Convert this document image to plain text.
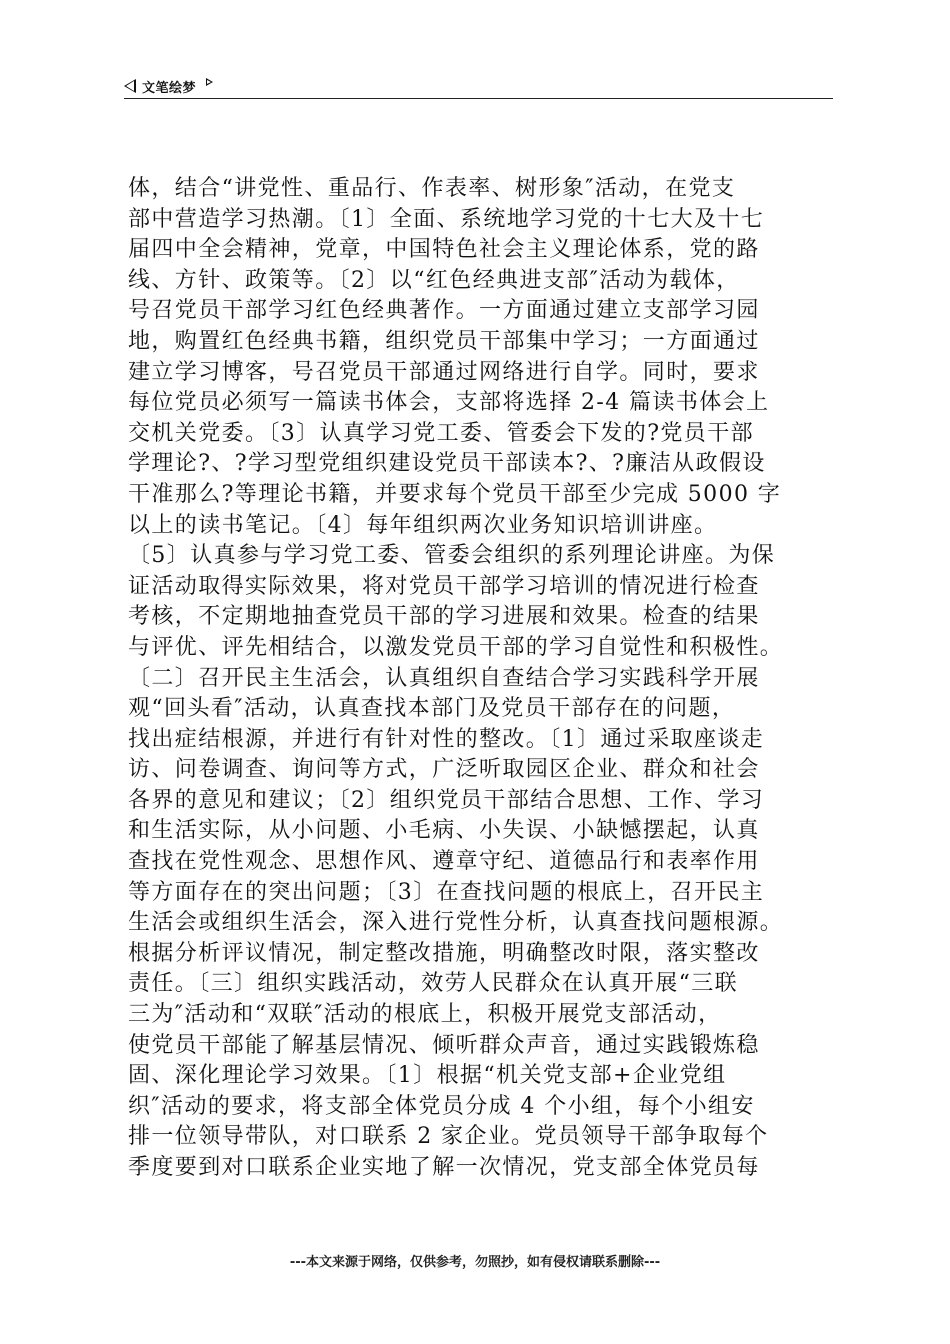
文笔绘梦
体，结合“讲党性、重品行、作表率、树形象″活动，在党支
部中营造学习热潮。〔1〕全面、系统地学习党的十七大及十七
届四中全会精神，党章，中国特色社会主义理论体系，党的路
线、方针、政策等。〔2〕以“红色经典进支部″活动为载体，
号召党员干部学习红色经典著作。一方面通过建立支部学习园
地，购置红色经典书籍，组织党员干部集中学习；一方面通过
建立学习博客，号召党员干部通过网络进行自学。同时，要求
每位党员必须写一篇读书体会，支部将选择 2-4 篇读书体会上
交机关党委。〔3〕认真学习党工委、管委会下发的?党员干部
学理论?、?学习型党组织建设党员干部读本?、?廉洁从政假设
干准那么?等理论书籍，并要求每个党员干部至少完成 5000 字
以上的读书笔记。〔4〕每年组织两次业务知识培训讲座。
〔5〕认真参与学习党工委、管委会组织的系列理论讲座。为保
证活动取得实际效果，将对党员干部学习培训的情况进行检查
考核，不定期地抽查党员干部的学习进展和效果。检查的结果
与评优、评先相结合，以激发党员干部的学习自觉性和积极性。
〔二〕召开民主生活会，认真组织自查结合学习实践科学开展
观“回头看″活动，认真查找本部门及党员干部存在的问题，
找出症结根源，并进行有针对性的整改。〔1〕通过采取座谈走
访、问卷调查、询问等方式，广泛听取园区企业、群众和社会
各界的意见和建议；〔2〕组织党员干部结合思想、工作、学习
和生活实际，从小问题、小毛病、小失误、小缺憾摆起，认真
查找在党性观念、思想作风、遵章守纪、道德品行和表率作用
等方面存在的突出问题；〔3〕在查找问题的根底上，召开民主
生活会或组织生活会，深入进行党性分析，认真查找问题根源。
根据分析评议情况，制定整改措施，明确整改时限，落实整改
责任。〔三〕组织实践活动，效劳人民群众在认真开展“三联
三为″活动和“双联″活动的根底上，积极开展党支部活动，
使党员干部能了解基层情况、倾听群众声音，通过实践锻炼稳
固、深化理论学习效果。〔1〕根据“机关党支部+企业党组
织″活动的要求，将支部全体党员分成 4 个小组，每个小组安
排一位领导带队，对口联系 2 家企业。党员领导干部争取每个
季度要到对口联系企业实地了解一次情况，党支部全体党员每
---本文来源于网络，仅供参考，勿照抄，如有侵权请联系删除---
